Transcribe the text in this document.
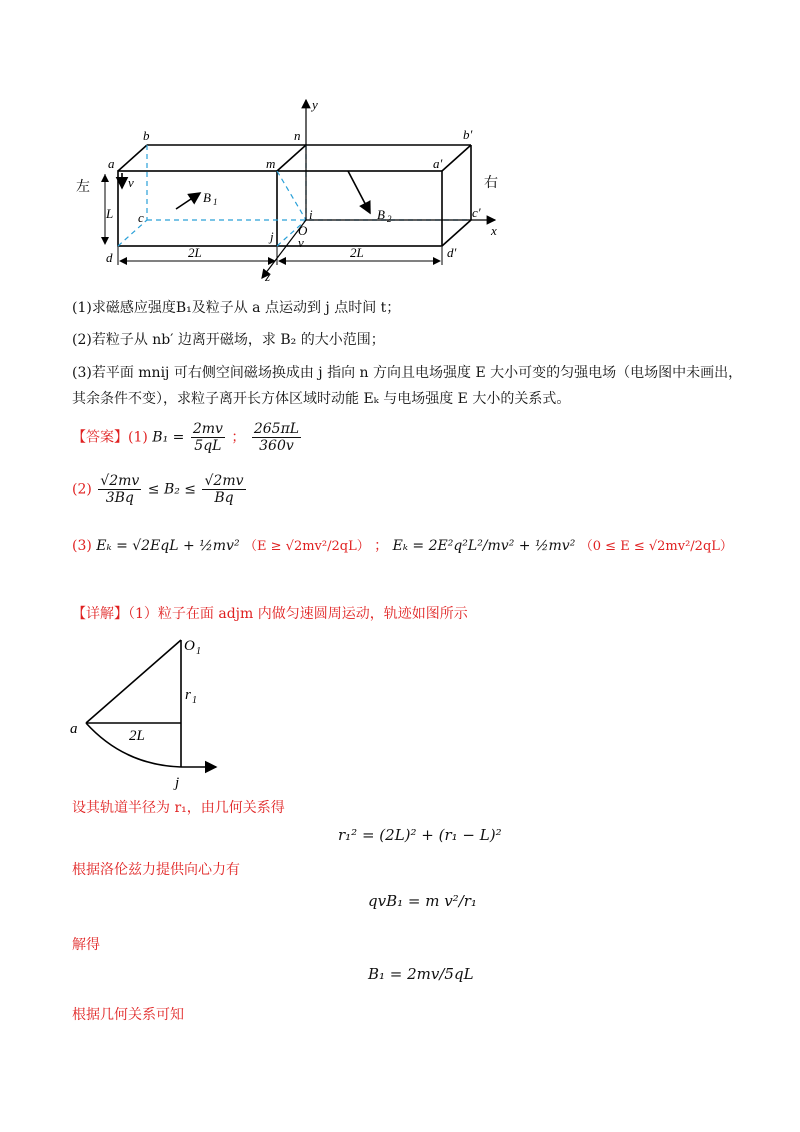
a
b
c
d
m
n
i
j O
v
a′
b′
c′
d′
x
y
z
v
L
B 1
B 2
2L	2L
左	右
(1)求磁感应强度B₁及粒子从 a 点运动到 j 点时间 t；
(2)若粒子从 nb′ 边离开磁场，求 B₂ 的大小范围；
(3)若平面 mnij 可右侧空间磁场换成由 j 指向 n 方向且电场强度 E 大小可变的匀强电场（电场图中未画出，
其余条件不变），求粒子离开长方体区域时动能 Eₖ 与电场强度 E 大小的关系式。
【答案】(1) $B_1 = \frac{2mv}{5qL}$ ； $\frac{265\pi L}{360v}$
$(2) \frac{√2mv}{3Bq} \le B_2 \le \frac{√2mv}{Bq}$
(3) Eₖ = √2EqL + ½mv² （E ≥ √2mv²/2qL） ； Eₖ = 2E²q²L²/mv² + ½mv² （0 ≤ E ≤ √2mv²/2qL）
【详解】（1）粒子在面 adjm 内做匀速圆周运动，轨迹如图所示
O 1
r 1
a	2L
j
设其轨道半径为 r₁，由几何关系得
r₁² = (2L)² + (r₁ − L)²
根据洛伦兹力提供向心力有
qvB₁ = m v²/r₁
解得
B₁ = 2mv/5qL
根据几何关系可知
